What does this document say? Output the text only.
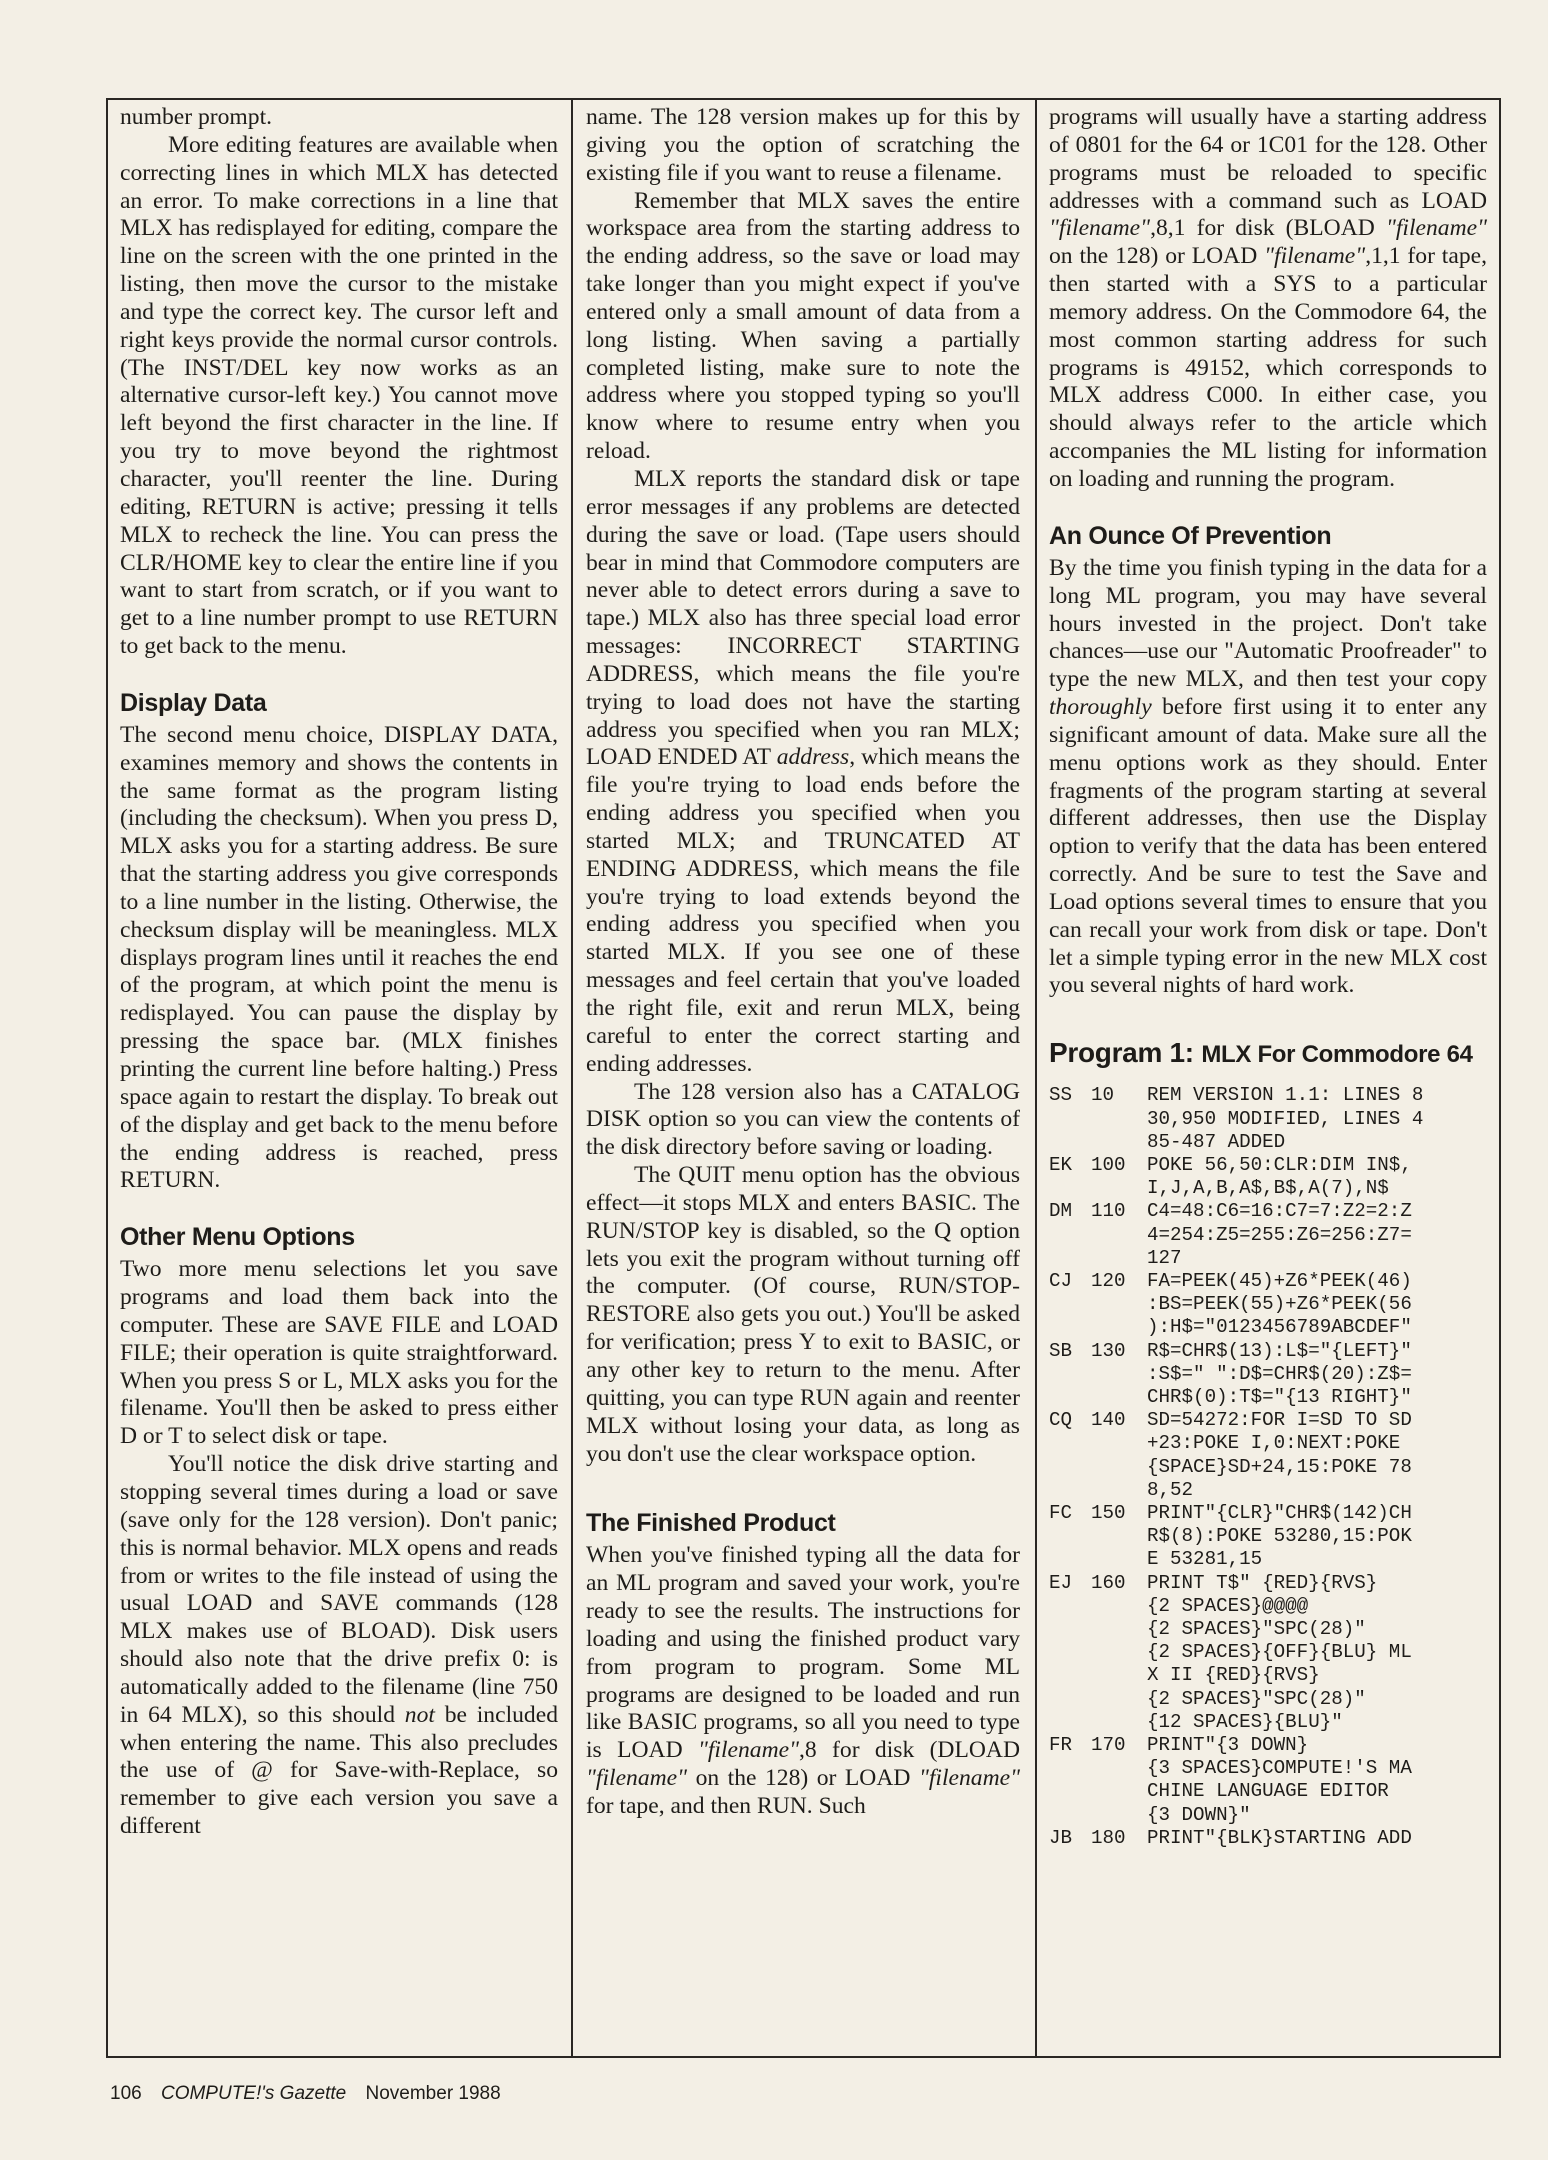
number prompt.

More editing features are available when correcting lines in which MLX has detected an error. To make corrections in a line that MLX has redisplayed for editing, compare the line on the screen with the one printed in the listing, then move the cursor to the mistake and type the correct key. The cursor left and right keys provide the normal cursor controls. (The INST/DEL key now works as an alternative cursor-left key.) You cannot move left beyond the first character in the line. If you try to move beyond the rightmost character, you'll reenter the line. During editing, RETURN is active; pressing it tells MLX to recheck the line. You can press the CLR/HOME key to clear the entire line if you want to start from scratch, or if you want to get to a line number prompt to use RETURN to get back to the menu.

Display Data

The second menu choice, DISPLAY DATA, examines memory and shows the contents in the same format as the program listing (including the checksum). When you press D, MLX asks you for a starting address. Be sure that the starting address you give corresponds to a line number in the listing. Otherwise, the checksum display will be meaningless. MLX displays program lines until it reaches the end of the program, at which point the menu is redisplayed. You can pause the display by pressing the space bar. (MLX finishes printing the current line before halting.) Press space again to restart the display. To break out of the display and get back to the menu before the ending address is reached, press RETURN.

Other Menu Options

Two more menu selections let you save programs and load them back into the computer. These are SAVE FILE and LOAD FILE; their operation is quite straightforward. When you press S or L, MLX asks you for the filename. You'll then be asked to press either D or T to select disk or tape.

You'll notice the disk drive starting and stopping several times during a load or save (save only for the 128 version). Don't panic; this is normal behavior. MLX opens and reads from or writes to the file instead of using the usual LOAD and SAVE commands (128 MLX makes use of BLOAD). Disk users should also note that the drive prefix 0: is automatically added to the filename (line 750 in 64 MLX), so this should not be included when entering the name. This also precludes the use of @ for Save-with-Replace, so remember to give each version you save a different

name. The 128 version makes up for this by giving you the option of scratching the existing file if you want to reuse a filename.

Remember that MLX saves the entire workspace area from the starting address to the ending address, so the save or load may take longer than you might expect if you've entered only a small amount of data from a long listing. When saving a partially completed listing, make sure to note the address where you stopped typing so you'll know where to resume entry when you reload.

MLX reports the standard disk or tape error messages if any problems are detected during the save or load. (Tape users should bear in mind that Commodore computers are never able to detect errors during a save to tape.) MLX also has three special load error messages: INCORRECT STARTING ADDRESS, which means the file you're trying to load does not have the starting address you specified when you ran MLX; LOAD ENDED AT address, which means the file you're trying to load ends before the ending address you specified when you started MLX; and TRUNCATED AT ENDING ADDRESS, which means the file you're trying to load extends beyond the ending address you specified when you started MLX. If you see one of these messages and feel certain that you've loaded the right file, exit and rerun MLX, being careful to enter the correct starting and ending addresses.

The 128 version also has a CATALOG DISK option so you can view the contents of the disk directory before saving or loading.

The QUIT menu option has the obvious effect—it stops MLX and enters BASIC. The RUN/STOP key is disabled, so the Q option lets you exit the program without turning off the computer. (Of course, RUN/STOP-RESTORE also gets you out.) You'll be asked for verification; press Y to exit to BASIC, or any other key to return to the menu. After quitting, you can type RUN again and reenter MLX without losing your data, as long as you don't use the clear workspace option.

The Finished Product

When you've finished typing all the data for an ML program and saved your work, you're ready to see the results. The instructions for loading and using the finished product vary from program to program. Some ML programs are designed to be loaded and run like BASIC programs, so all you need to type is LOAD "filename",8 for disk (DLOAD "filename" on the 128) or LOAD "filename" for tape, and then RUN. Such

programs will usually have a starting address of 0801 for the 64 or 1C01 for the 128. Other programs must be reloaded to specific addresses with a command such as LOAD "filename",8,1 for disk (BLOAD "filename" on the 128) or LOAD "filename",1,1 for tape, then started with a SYS to a particular memory address. On the Commodore 64, the most common starting address for such programs is 49152, which corresponds to MLX address C000. In either case, you should always refer to the article which accompanies the ML listing for information on loading and running the program.

An Ounce Of Prevention

By the time you finish typing in the data for a long ML program, you may have several hours invested in the project. Don't take chances—use our "Automatic Proofreader" to type the new MLX, and then test your copy thoroughly before first using it to enter any significant amount of data. Make sure all the menu options work as they should. Enter fragments of the program starting at several different addresses, then use the Display option to verify that the data has been entered correctly. And be sure to test the Save and Load options several times to ensure that you can recall your work from disk or tape. Don't let a simple typing error in the new MLX cost you several nights of hard work.

Program 1: MLX For Commodore 64
SS 10	REM VERSION 1.1: LINES 8
30,950 MODIFIED, LINES 4
85-487 ADDED
EK 100	POKE 56,50:CLR:DIM IN$,
I,J,A,B,A$,B$,A(7),N$
DM 110	C4=48:C6=16:C7=7:Z2=2:Z
4=254:Z5=255:Z6=256:Z7=
127
CJ 120	FA=PEEK(45)+Z6*PEEK(46)
:BS=PEEK(55)+Z6*PEEK(56
):H$="0123456789ABCDEF"
SB 130	R$=CHR$(13):L$="{LEFT}"
:S$=" ":D$=CHR$(20):Z$=
CHR$(0):T$="{13 RIGHT}"
CQ 140	SD=54272:FOR I=SD TO SD
+23:POKE I,0:NEXT:POKE
{SPACE}SD+24,15:POKE 78
8,52
FC 150	PRINT"{CLR}"CHR$(142)CH
R$(8):POKE 53280,15:POK
E 53281,15
EJ 160	PRINT T$" {RED}{RVS}
{2 SPACES}@@@@
{2 SPACES}"SPC(28)"
{2 SPACES}{OFF}{BLU} ML
X II {RED}{RVS}
{2 SPACES}"SPC(28)"
{12 SPACES}{BLU}"
FR 170	PRINT"{3 DOWN}
{3 SPACES}COMPUTE!'S MA
CHINE LANGUAGE EDITOR
{3 DOWN}"
JB 180	PRINT"{BLK}STARTING ADD
106 COMPUTE!'s Gazette November 1988
